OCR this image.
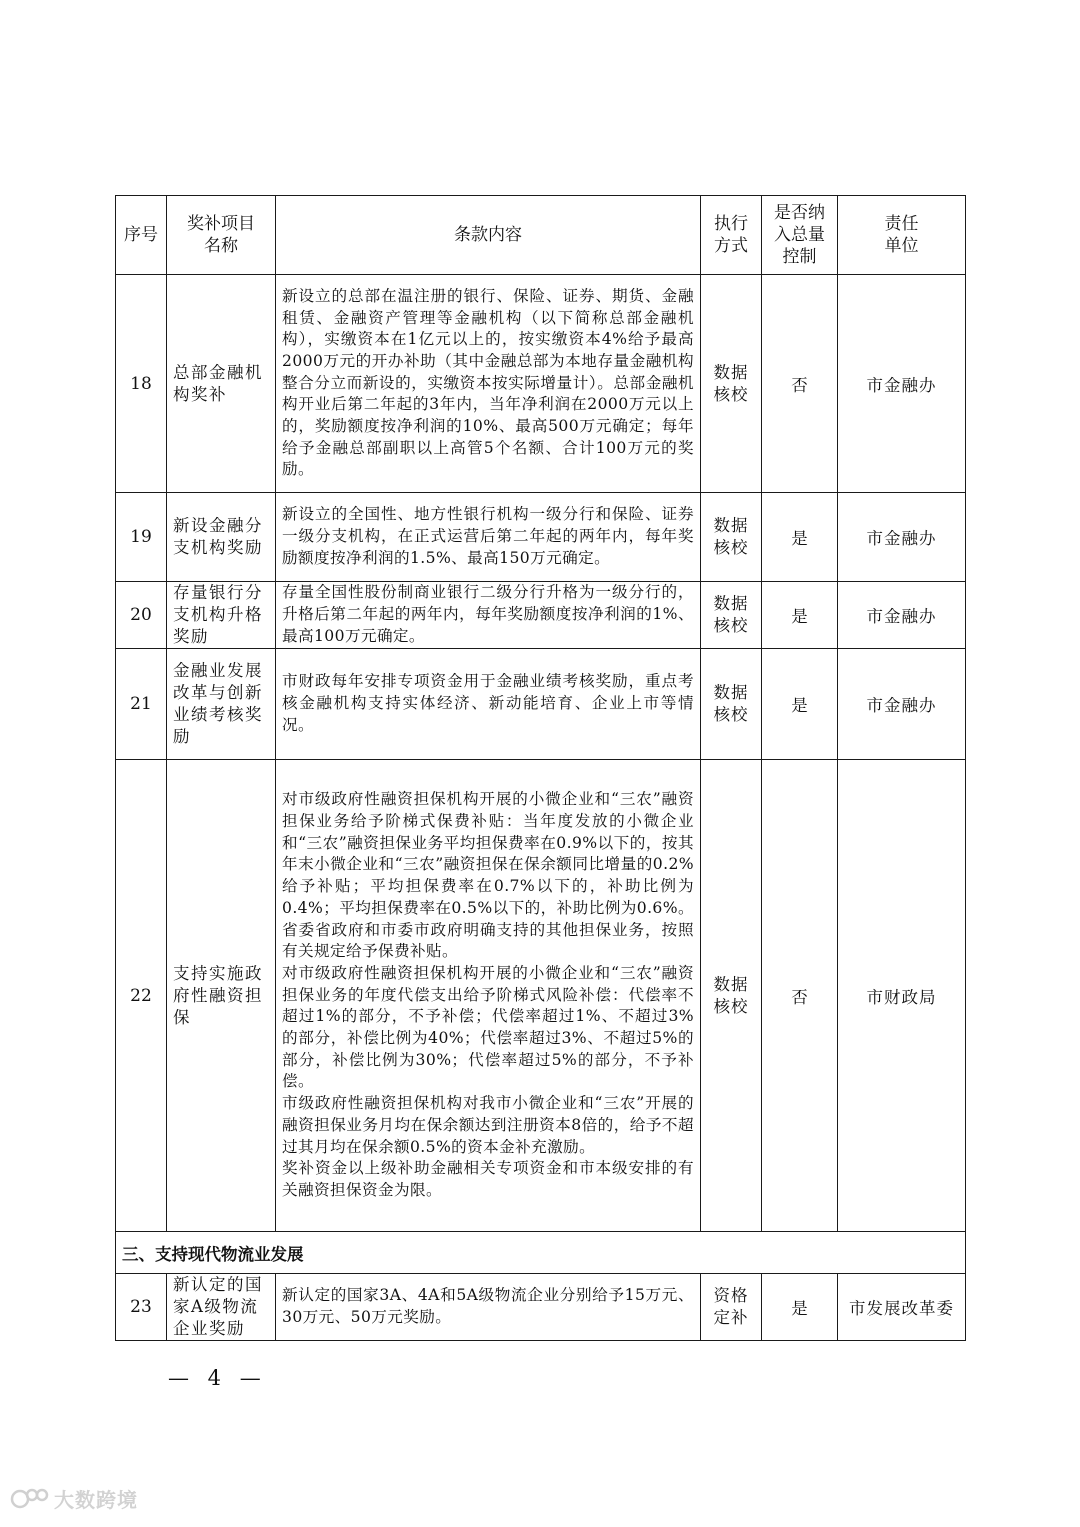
序号	奖补项目名称	条款内容	执行方式	是否纳入总量控制	责任单位
18	总部金融机构奖补	新设立的总部在温注册的银行、保险、证券、期货、金融租赁、金融资产管理等金融机构（以下简称总部金融机构），实缴资本在1亿元以上的，按实缴资本4%给予最高2000万元的开办补助（其中金融总部为本地存量金融机构整合分立而新设的，实缴资本按实际增量计）。总部金融机构开业后第二年起的3年内，当年净利润在2000万元以上的，奖励额度按净利润的10%、最高500万元确定；每年给予金融总部副职以上高管5个名额、合计100万元的奖励。	数据核校	否	市金融办
19	新设金融分支机构奖励	新设立的全国性、地方性银行机构一级分行和保险、证券一级分支机构，在正式运营后第二年起的两年内，每年奖励额度按净利润的1.5%、最高150万元确定。	数据核校	是	市金融办
20	存量银行分支机构升格奖励	存量全国性股份制商业银行二级分行升格为一级分行的，升格后第二年起的两年内，每年奖励额度按净利润的1%、最高100万元确定。	数据核校	是	市金融办
21	金融业发展改革与创新业绩考核奖励	市财政每年安排专项资金用于金融业绩考核奖励，重点考核金融机构支持实体经济、新动能培育、企业上市等情况。	数据核校	是	市金融办
22	支持实施政府性融资担保	对市级政府性融资担保机构开展的小微企业和“三农”融资担保业务给予阶梯式保费补贴：当年度发放的小微企业和“三农”融资担保业务平均担保费率在0.9%以下的，按其年末小微企业和“三农”融资担保在保余额同比增量的0.2%给予补贴；平均担保费率在0.7%以下的，补助比例为0.4%；平均担保费率在0.5%以下的，补助比例为0.6%。省委省政府和市委市政府明确支持的其他担保业务，按照有关规定给予保费补贴。
对市级政府性融资担保机构开展的小微企业和“三农”融资担保业务的年度代偿支出给予阶梯式风险补偿：代偿率不超过1%的部分，不予补偿；代偿率超过1%、不超过3%的部分，补偿比例为40%；代偿率超过3%、不超过5%的部分，补偿比例为30%；代偿率超过5%的部分，不予补偿。
市级政府性融资担保机构对我市小微企业和“三农”开展的融资担保业务月均在保余额达到注册资本8倍的，给予不超过其月均在保余额0.5%的资本金补充激励。
奖补资金以上级补助金融相关专项资金和市本级安排的有关融资担保资金为限。	数据核校	否	市财政局
三、支持现代物流业发展					
23	新认定的国家A级物流企业奖励	新认定的国家3A、4A和5A级物流企业分别给予15万元、30万元、50万元奖励。	资格定补	是	市发展改革委
— 4 —
大数跨境
